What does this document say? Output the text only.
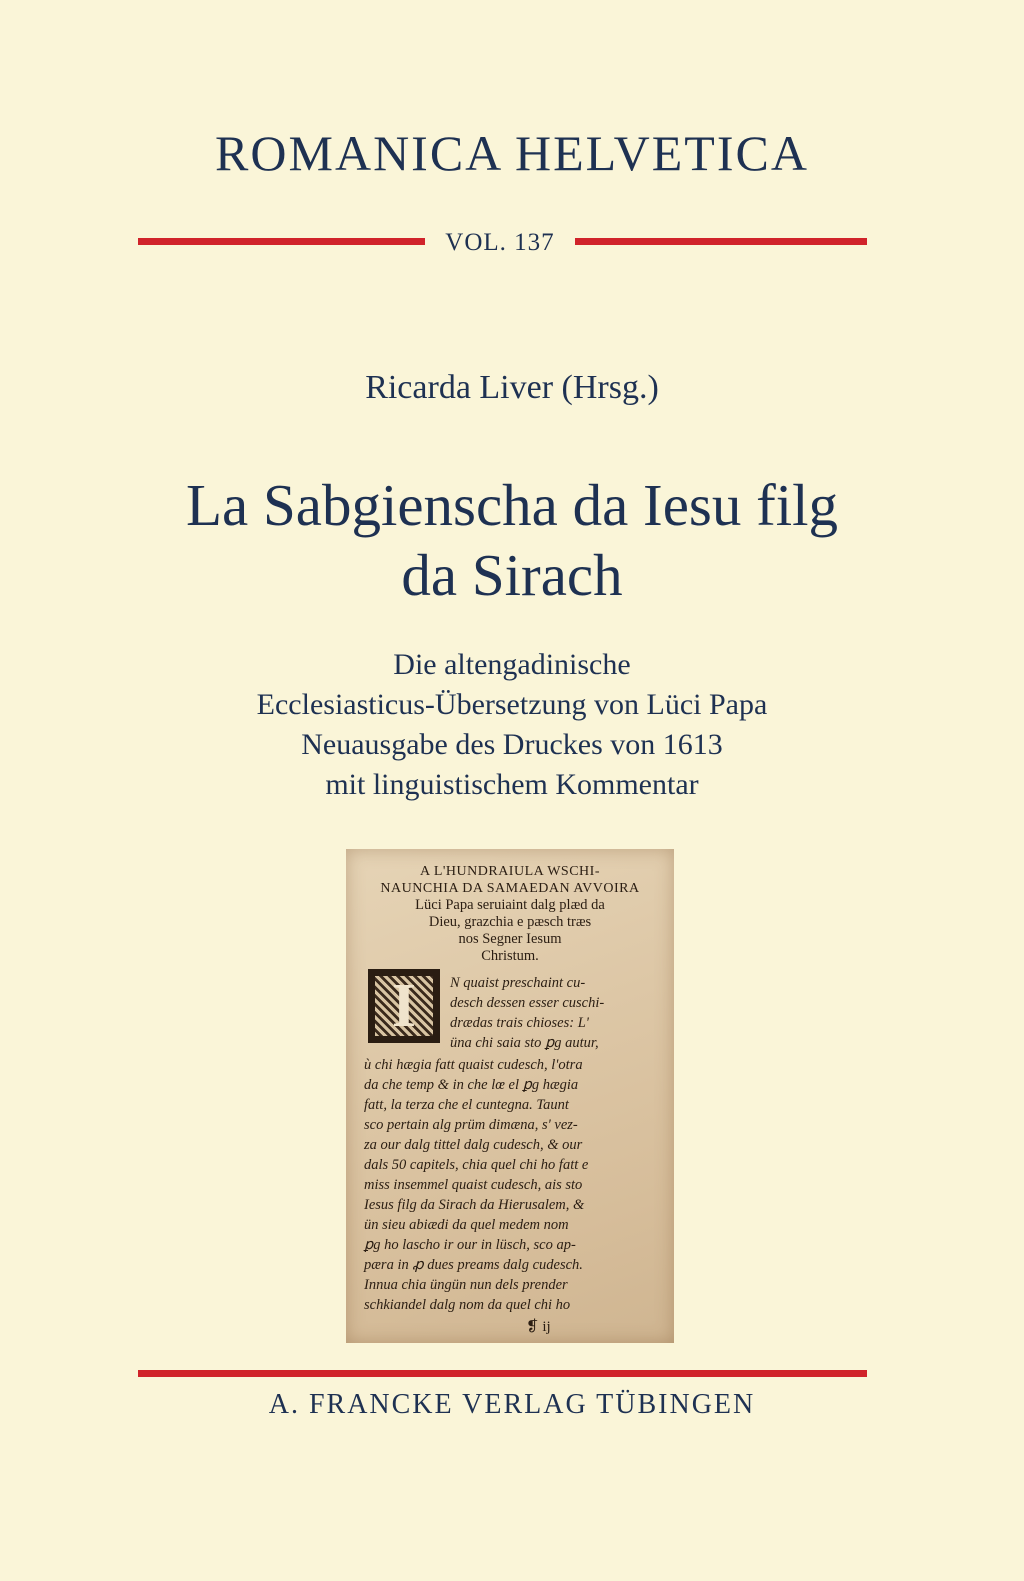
ROMANICA HELVETICA
VOL. 137
Ricarda Liver (Hrsg.)
La Sabgienscha da Iesu filg
da Sirach
Die altengadinische
Ecclesiasticus-Übersetzung von Lüci Papa
Neuausgabe des Druckes von 1613
mit linguistischem Kommentar
A L'HUNDRAIULA WSCHI-
NAUNCHIA DA SAMAEDAN AVVOIRA
Lüci Papa seruiaint dalg plæd da
Dieu, grazchia e pæsch træs
nos Segner Iesum
Christum.
I	N quaist preschaint cu-
desch dessen esser cuschi-
drædas trais chioses: L'
üna chi saia sto ꝑg autur,
ù chi hægia fatt quaist cudesch, l'otra
da che temp & in che lœ el ꝑg hægia
fatt, la terza che el cuntegna. Taunt
sco pertain alg prüm dimæna, s' vez-
za our dalg tittel dalg cudesch, & our
dals 50 capitels, chia quel chi ho fatt e
miss insemmel quaist cudesch, ais sto
Iesus filg da Sirach da Hierusalem, &
ün sieu abiædi da quel medem nom
ꝑg ho lascho ir our in lüsch, sco ap-
pæra in ꝓ dues preams dalg cudesch.
Innua chia üngün nun dels prender
schkiandel dalg nom da quel chi ho
❡ ij
A. FRANCKE VERLAG TÜBINGEN
